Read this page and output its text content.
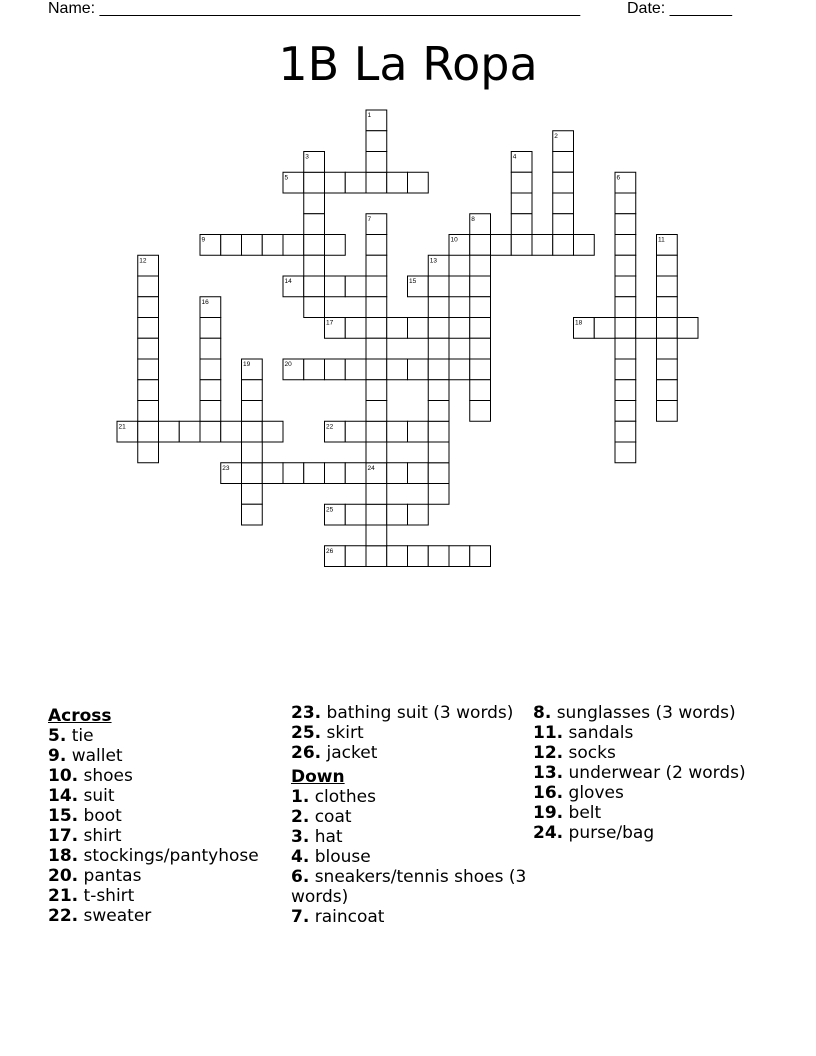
Name: ______________________________________________________	Date: _______
1B La Ropa
5
9	10
14	15
17	18
20
21	22
23
25
26
1
2
3	4
6
7	8
11
12	13
16
19
24
Across
5. tie
9. wallet
10. shoes
14. suit
15. boot
17. shirt
18. stockings/pantyhose
20. pantas
21. t-shirt
22. sweater
23. bathing suit (3 words)
25. skirt
26. jacket
Down
1. clothes
2. coat
3. hat
4. blouse
6. sneakers/tennis shoes (3 words)
7. raincoat
8. sunglasses (3 words)
11. sandals
12. socks
13. underwear (2 words)
16. gloves
19. belt
24. purse/bag
